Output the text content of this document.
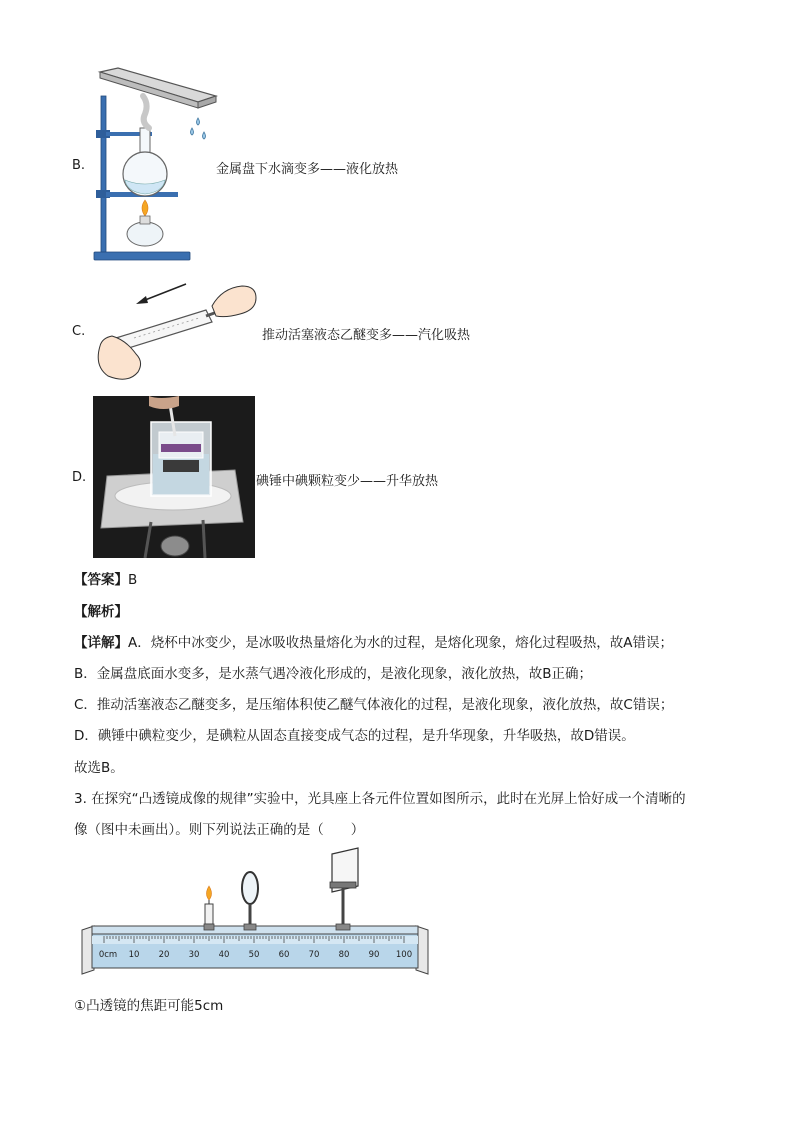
B.	金属盘下水滴变多——液化放热
C.	推动活塞液态乙醚变多——汽化吸热
D.	碘锤中碘颗粒变少——升华放热
【答案】B
【解析】
【详解】A．烧杯中冰变少，是冰吸收热量熔化为水的过程，是熔化现象，熔化过程吸热，故A错误；
B．金属盘底面水变多，是水蒸气遇冷液化形成的，是液化现象，液化放热，故B正确；
C．推动活塞液态乙醚变多，是压缩体积使乙醚气体液化的过程，是液化现象，液化放热，故C错误；
D．碘锤中碘粒变少，是碘粒从固态直接变成气态的过程，是升华现象，升华吸热，故D错误。
故选B。
3. 在探究“凸透镜成像的规律”实验中，光具座上各元件位置如图所示，此时在光屏上恰好成一个清晰的
像（图中未画出）。则下列说法正确的是（　　）
0cm 10 20 30 40 50 60 70 80 90 100
①凸透镜的焦距可能5cm
